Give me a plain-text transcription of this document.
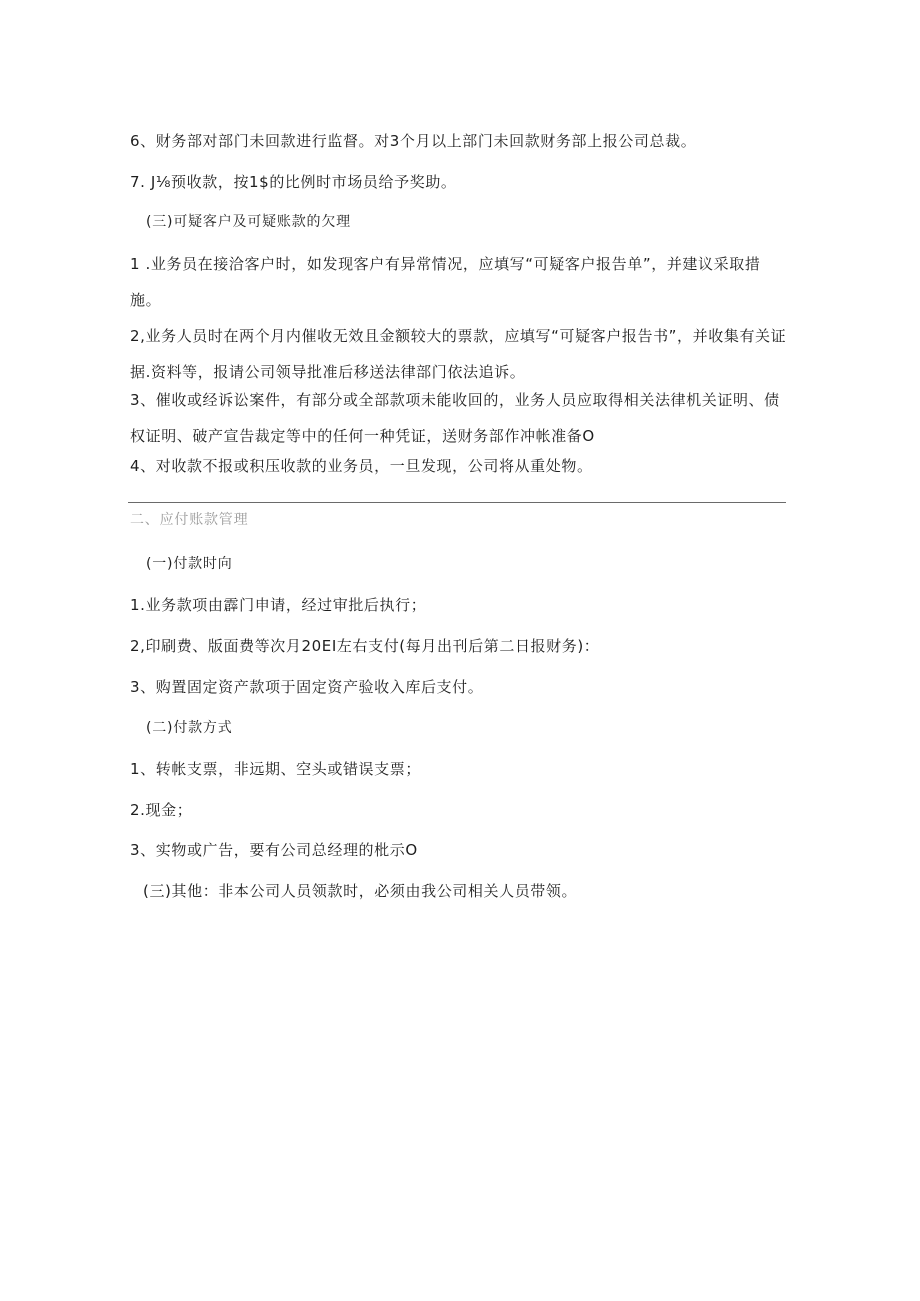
6、财务部对部门未回款进行监督。对3个月以上部门未回款财务部上报公司总裁。
7. J⅛预收款，按1$的比例时市场员给予奖助。
(三)可疑客户及可疑账款的欠理
1 .业务员在接洽客户时，如发现客户有异常情况，应填写“可疑客户报告单”，并建议采取措施。
2,业务人员时在两个月内催收无效且金额较大的票款，应填写“可疑客户报告书”，并收集有关证据.资料等，报请公司领导批准后移送法律部门依法追诉。
3、催收或经诉讼案件，有部分或全部款项未能收回的，业务人员应取得相关法律机关证明、债权证明、破产宣告裁定等中的任何一种凭证，送财务部作冲帐准备O
4、对收款不报或积压收款的业务员，一旦发现，公司将从重处物。
二、应付账款管理
(一)付款时向
1.业务款项由霹门申请，经过审批后执行；
2,印刷费、版面费等次月20EI左右支付(每月出刊后第二日报财务)：
3、购置固定资产款项于固定资产验收入库后支付。
(二)付款方式
1、转帐支票，非远期、空头或错误支票；
2.现金；
3、实物或广告，要有公司总经理的枇示O
(三)其他：非本公司人员领款时，必须由我公司相关人员带领。
